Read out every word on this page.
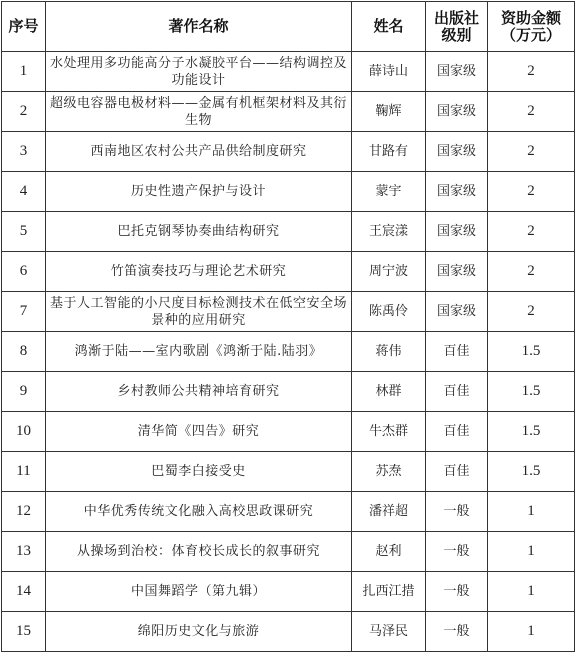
序号	著作名称	姓名	出版社级别	资助金额（万元）
1	水处理用多功能高分子水凝胶平台——结构调控及功能设计	薛诗山	国家级	2
2	超级电容器电极材料——金属有机框架材料及其衍生物	鞠辉	国家级	2
3	西南地区农村公共产品供给制度研究	甘路有	国家级	2
4	历史性遗产保护与设计	蒙宇	国家级	2
5	巴托克钢琴协奏曲结构研究	王宸漾	国家级	2
6	竹笛演奏技巧与理论艺术研究	周宁波	国家级	2
7	基于人工智能的小尺度目标检测技术在低空安全场景种的应用研究	陈禹伶	国家级	2
8	鸿渐于陆——室内歌剧《鸿渐于陆.陆羽》	蒋伟	百佳	1.5
9	乡村教师公共精神培育研究	林群	百佳	1.5
10	清华简《四告》研究	牛杰群	百佳	1.5
11	巴蜀李白接受史	苏焘	百佳	1.5
12	中华优秀传统文化融入高校思政课研究	潘祥超	一般	1
13	从操场到治校：体育校长成长的叙事研究	赵利	一般	1
14	中国舞蹈学（第九辑）	扎西江措	一般	1
15	绵阳历史文化与旅游	马泽民	一般	1
